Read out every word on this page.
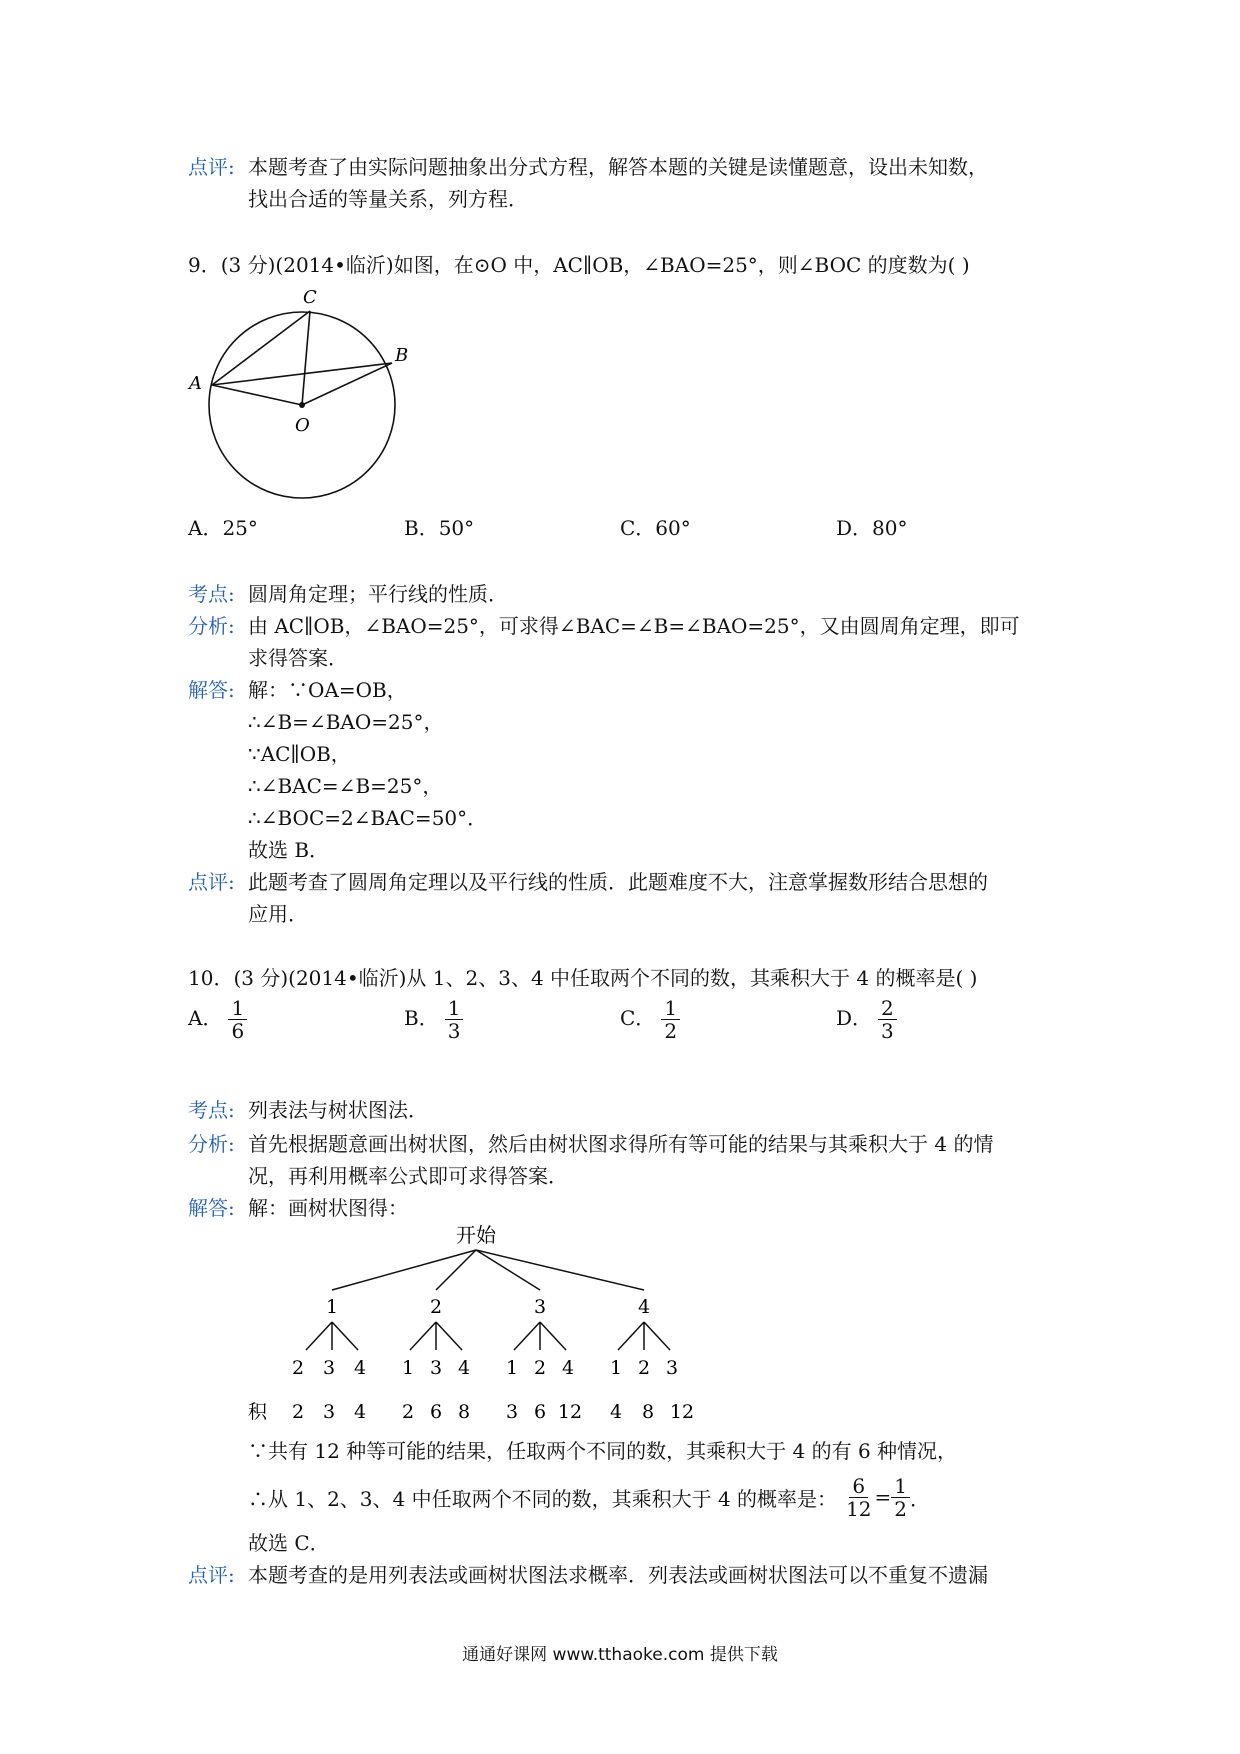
点评: 本题考查了由实际问题抽象出分式方程，解答本题的关键是读懂题意，设出未知数，
找出合适的等量关系，列方程．
9．(3 分)(2014•临沂)如图，在⊙O 中，AC∥OB，∠BAO=25°，则∠BOC 的度数为( )
C
A
B
O
A．25°	B．50°	C．60°	D．80°
考点: 圆周角定理；平行线的性质．
分析: 由 AC∥OB，∠BAO=25°，可求得∠BAC=∠B=∠BAO=25°，又由圆周角定理，即可
求得答案．
解答: 解：∵OA=OB，
∴∠B=∠BAO=25°，
∵AC∥OB，
∴∠BAC=∠B=25°，
∴∠BOC=2∠BAC=50°．
故选 B．
点评: 此题考查了圆周角定理以及平行线的性质．此题难度不大，注意掌握数形结合思想的
应用．
10．(3 分)(2014•临沂)从 1、2、3、4 中任取两个不同的数，其乘积大于 4 的概率是( )
A． $\frac{1}{6}$	B． $\frac{1}{3}$	C． $\frac{1}{2}$	D． $\frac{2}{3}$
考点: 列表法与树状图法．
分析: 首先根据题意画出树状图，然后由树状图求得所有等可能的结果与其乘积大于 4 的情
况，再利用概率公式即可求得答案．
解答: 解：画树状图得：
开始
1	2	3	4
2 3 4 1 3 4 1 2 4 1 2 3
积 2 3 4 2 6 8 3 6 12 4 8 12
∵共有 12 种等可能的结果，任取两个不同的数，其乘积大于 4 的有 6 种情况，
∴从 1、2、3、4 中任取两个不同的数，其乘积大于 4 的概率是： $\frac{6}{12} = \frac{1}{2}$ ．
故选 C．
点评: 本题考查的是用列表法或画树状图法求概率．列表法或画树状图法可以不重复不遗漏
通通好课网 www.tthaoke.com 提供下载
